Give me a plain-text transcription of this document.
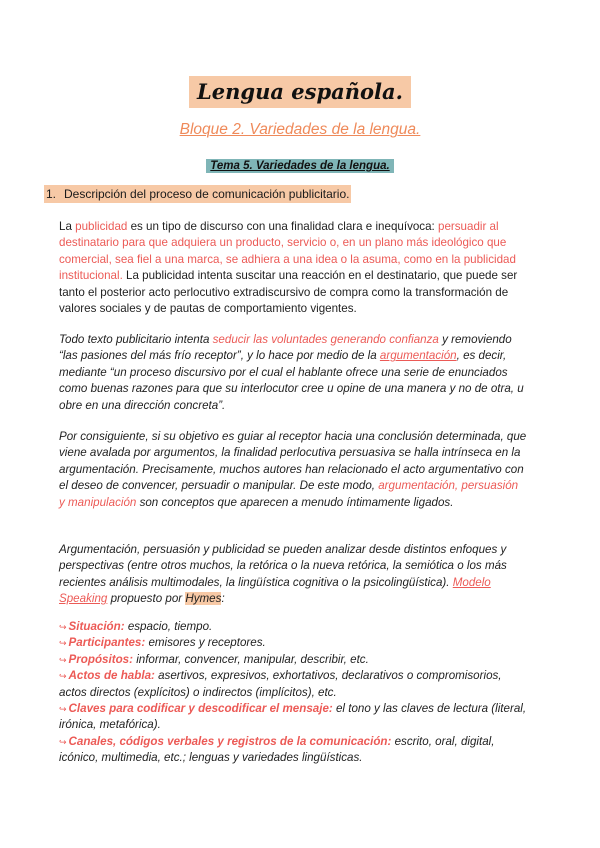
Lengua española.
Bloque 2. Variedades de la lengua.
Tema 5. Variedades de la lengua.
1. Descripción del proceso de comunicación publicitario.

La publicidad es un tipo de discurso con una finalidad clara e inequívoca: persuadir al destinatario para que adquiera un producto, servicio o, en un plano más ideológico que comercial, sea fiel a una marca, se adhiera a una idea o la asuma, como en la publicidad institucional. La publicidad intenta suscitar una reacción en el destinatario, que puede ser tanto el posterior acto perlocutivo extradiscursivo de compra como la transformación de valores sociales y de pautas de comportamiento vigentes.

Todo texto publicitario intenta seducir las voluntades generando confianza y removiendo “las pasiones del más frío receptor”, y lo hace por medio de la argumentación, es decir, mediante “un proceso discursivo por el cual el hablante ofrece una serie de enunciados como buenas razones para que su interlocutor cree u opine de una manera y no de otra, u obre en una dirección concreta”.

Por consiguiente, si su objetivo es guiar al receptor hacia una conclusión determinada, que viene avalada por argumentos, la finalidad perlocutiva persuasiva se halla intrínseca en la argumentación. Precisamente, muchos autores han relacionado el acto argumentativo con el deseo de convencer, persuadir o manipular. De este modo, argumentación, persuasión y manipulación son conceptos que aparecen a menudo íntimamente ligados.

Argumentación, persuasión y publicidad se pueden analizar desde distintos enfoques y perspectivas (entre otros muchos, la retórica o la nueva retórica, la semiótica o los más recientes análisis multimodales, la lingüística cognitiva o la psicolingüística). Modelo Speaking propuesto por Hymes:

↪ Situación: espacio, tiempo.
↪ Participantes: emisores y receptores.
↪ Propósitos: informar, convencer, manipular, describir, etc.
↪ Actos de habla: asertivos, expresivos, exhortativos, declarativos o compromisorios, actos directos (explícitos) o indirectos (implícitos), etc.
↪ Claves para codificar y descodificar el mensaje: el tono y las claves de lectura (literal, irónica, metafórica).
↪ Canales, códigos verbales y registros de la comunicación: escrito, oral, digital, icónico, multimedia, etc.; lenguas y variedades lingüísticas.
